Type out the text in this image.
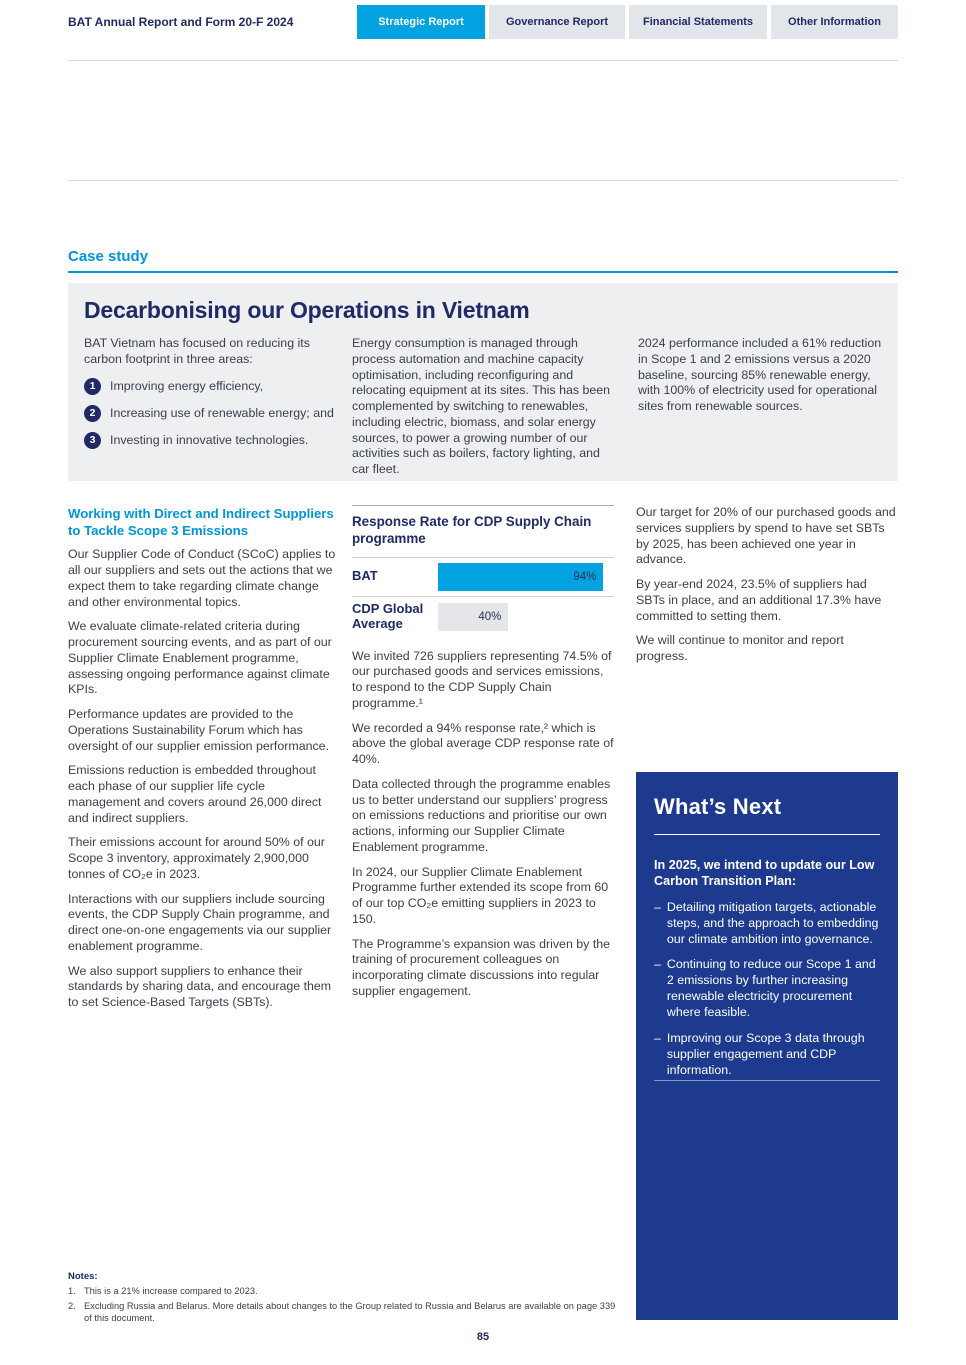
BAT Annual Report and Form 20-F 2024	Strategic Report	Governance Report	Financial Statements	Other Information
Case study
Decarbonising our Operations in Vietnam

BAT Vietnam has focused on reducing its carbon footprint in three areas:

1	Improving energy efficiency,
2	Increasing use of renewable energy; and
3	Investing in innovative technologies.

Energy consumption is managed through process automation and machine capacity optimisation, including reconfiguring and relocating equipment at its sites. This has been complemented by switching to renewables, including electric, biomass, and solar energy sources, to power a growing number of our activities such as boilers, factory lighting, and car fleet.

2024 performance included a 61% reduction in Scope 1 and 2 emissions versus a 2020 baseline, sourcing 85% renewable energy, with 100% of electricity used for operational sites from renewable sources.

Working with Direct and Indirect Suppliers to Tackle Scope 3 Emissions

Our Supplier Code of Conduct (SCoC) applies to all our suppliers and sets out the actions that we expect them to take regarding climate change and other environmental topics.

We evaluate climate-related criteria during procurement sourcing events, and as part of our Supplier Climate Enablement programme, assessing ongoing performance against climate KPIs.

Performance updates are provided to the Operations Sustainability Forum which has oversight of our supplier emission performance.

Emissions reduction is embedded throughout each phase of our supplier life cycle management and covers around 26,000 direct and indirect suppliers.

Their emissions account for around 50% of our Scope 3 inventory, approximately 2,900,000 tonnes of CO₂e in 2023.

Interactions with our suppliers include sourcing events, the CDP Supply Chain programme, and direct one-on-one engagements via our supplier enablement programme.

We also support suppliers to enhance their standards by sharing data, and encourage them to set Science-Based Targets (SBTs).

Response Rate for CDP Supply Chain programme
BAT	94%
CDP Global Average	40%

We invited 726 suppliers representing 74.5% of our purchased goods and services emissions, to respond to the CDP Supply Chain programme.¹

We recorded a 94% response rate,² which is above the global average CDP response rate of 40%.

Data collected through the programme enables us to better understand our suppliers’ progress on emissions reductions and prioritise our own actions, informing our Supplier Climate Enablement programme.

In 2024, our Supplier Climate Enablement Programme further extended its scope from 60 of our top CO₂e emitting suppliers in 2023 to 150.

The Programme’s expansion was driven by the training of procurement colleagues on incorporating climate discussions into regular supplier engagement.

Our target for 20% of our purchased goods and services suppliers by spend to have set SBTs by 2025, has been achieved one year in advance.

By year-end 2024, 23.5% of suppliers had SBTs in place, and an additional 17.3% have committed to setting them.

We will continue to monitor and report progress.

What’s Next

In 2025, we intend to update our Low Carbon Transition Plan:

– Detailing mitigation targets, actionable steps, and the approach to embedding our climate ambition into governance.
– Continuing to reduce our Scope 1 and 2 emissions by further increasing renewable electricity procurement where feasible.
– Improving our Scope 3 data through supplier engagement and CDP information.
Notes:
1. This is a 21% increase compared to 2023.
2. Excluding Russia and Belarus. More details about changes to the Group related to Russia and Belarus are available on page 339 of this document.
85
